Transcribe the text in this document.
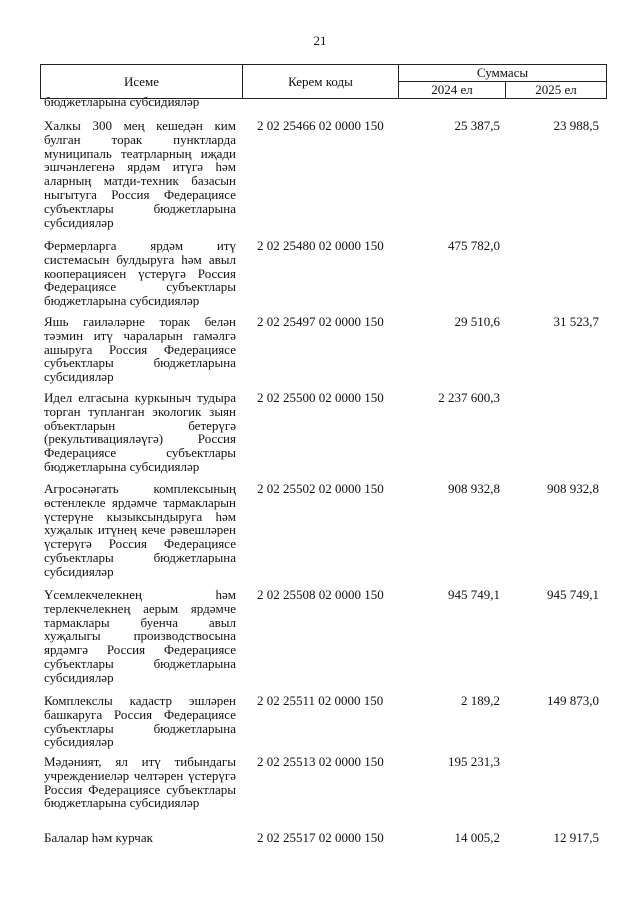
21
Исеме	Керем коды	Суммасы	
		2024 ел	2025 ел
бюджетларына субсидияләр
Халкы 300 мең кешедән ким булган торак пунктларда муниципаль театрларның иҗади эшчәнлегенә ярдәм итүгә һәм аларның матди-техник базасын ныгытуга Россия Федерациясе субъектлары бюджетларына субсидияләр
2 02 25466 02 0000 150	25 387,5	23 988,5
Фермерларга ярдәм итү системасын булдыруга һәм авыл кооперациясен үстерүгә Россия Федерациясе субъектлары бюджетларына субсидияләр
2 02 25480 02 0000 150	475 782,0
Яшь гаиләләрне торак белән тәэмин итү чараларын гамәлгә ашыруга Россия Федерациясе субъектлары бюджетларына субсидияләр
2 02 25497 02 0000 150	29 510,6	31 523,7
Идел елгасына куркыныч тудыра торган тупланган экологик зыян объектларын бетерүгә (рекультивацияләүгә) Россия Федерациясе субъектлары бюджетларына субсидияләр
2 02 25500 02 0000 150	2 237 600,3
Агросәнәгать комплексының өстенлекле ярдәмче тармакларын үстерүне кызыксындыруга һәм хуҗалык итүнең кече рәвешләрен үстерүгә Россия Федерациясе субъектлары бюджетларына субсидияләр
2 02 25502 02 0000 150	908 932,8	908 932,8
Үсемлекчелекнең һәм терлекчелекнең аерым ярдәмче тармаклары буенча авыл хуҗалыгы производствосына ярдәмгә Россия Федерациясе субъектлары бюджетларына субсидияләр
2 02 25508 02 0000 150	945 749,1	945 749,1
Комплекслы кадастр эшләрен башкаруга Россия Федерациясе субъектлары бюджетларына субсидияләр
2 02 25511 02 0000 150	2 189,2	149 873,0
Мәдәният, ял итү тибындагы учреждениеләр челтәрен үстерүгә Россия Федерациясе субъектлары бюджетларына субсидияләр
2 02 25513 02 0000 150	195 231,3
Балалар һәм курчак	2 02 25517 02 0000 150	14 005,2	12 917,5
